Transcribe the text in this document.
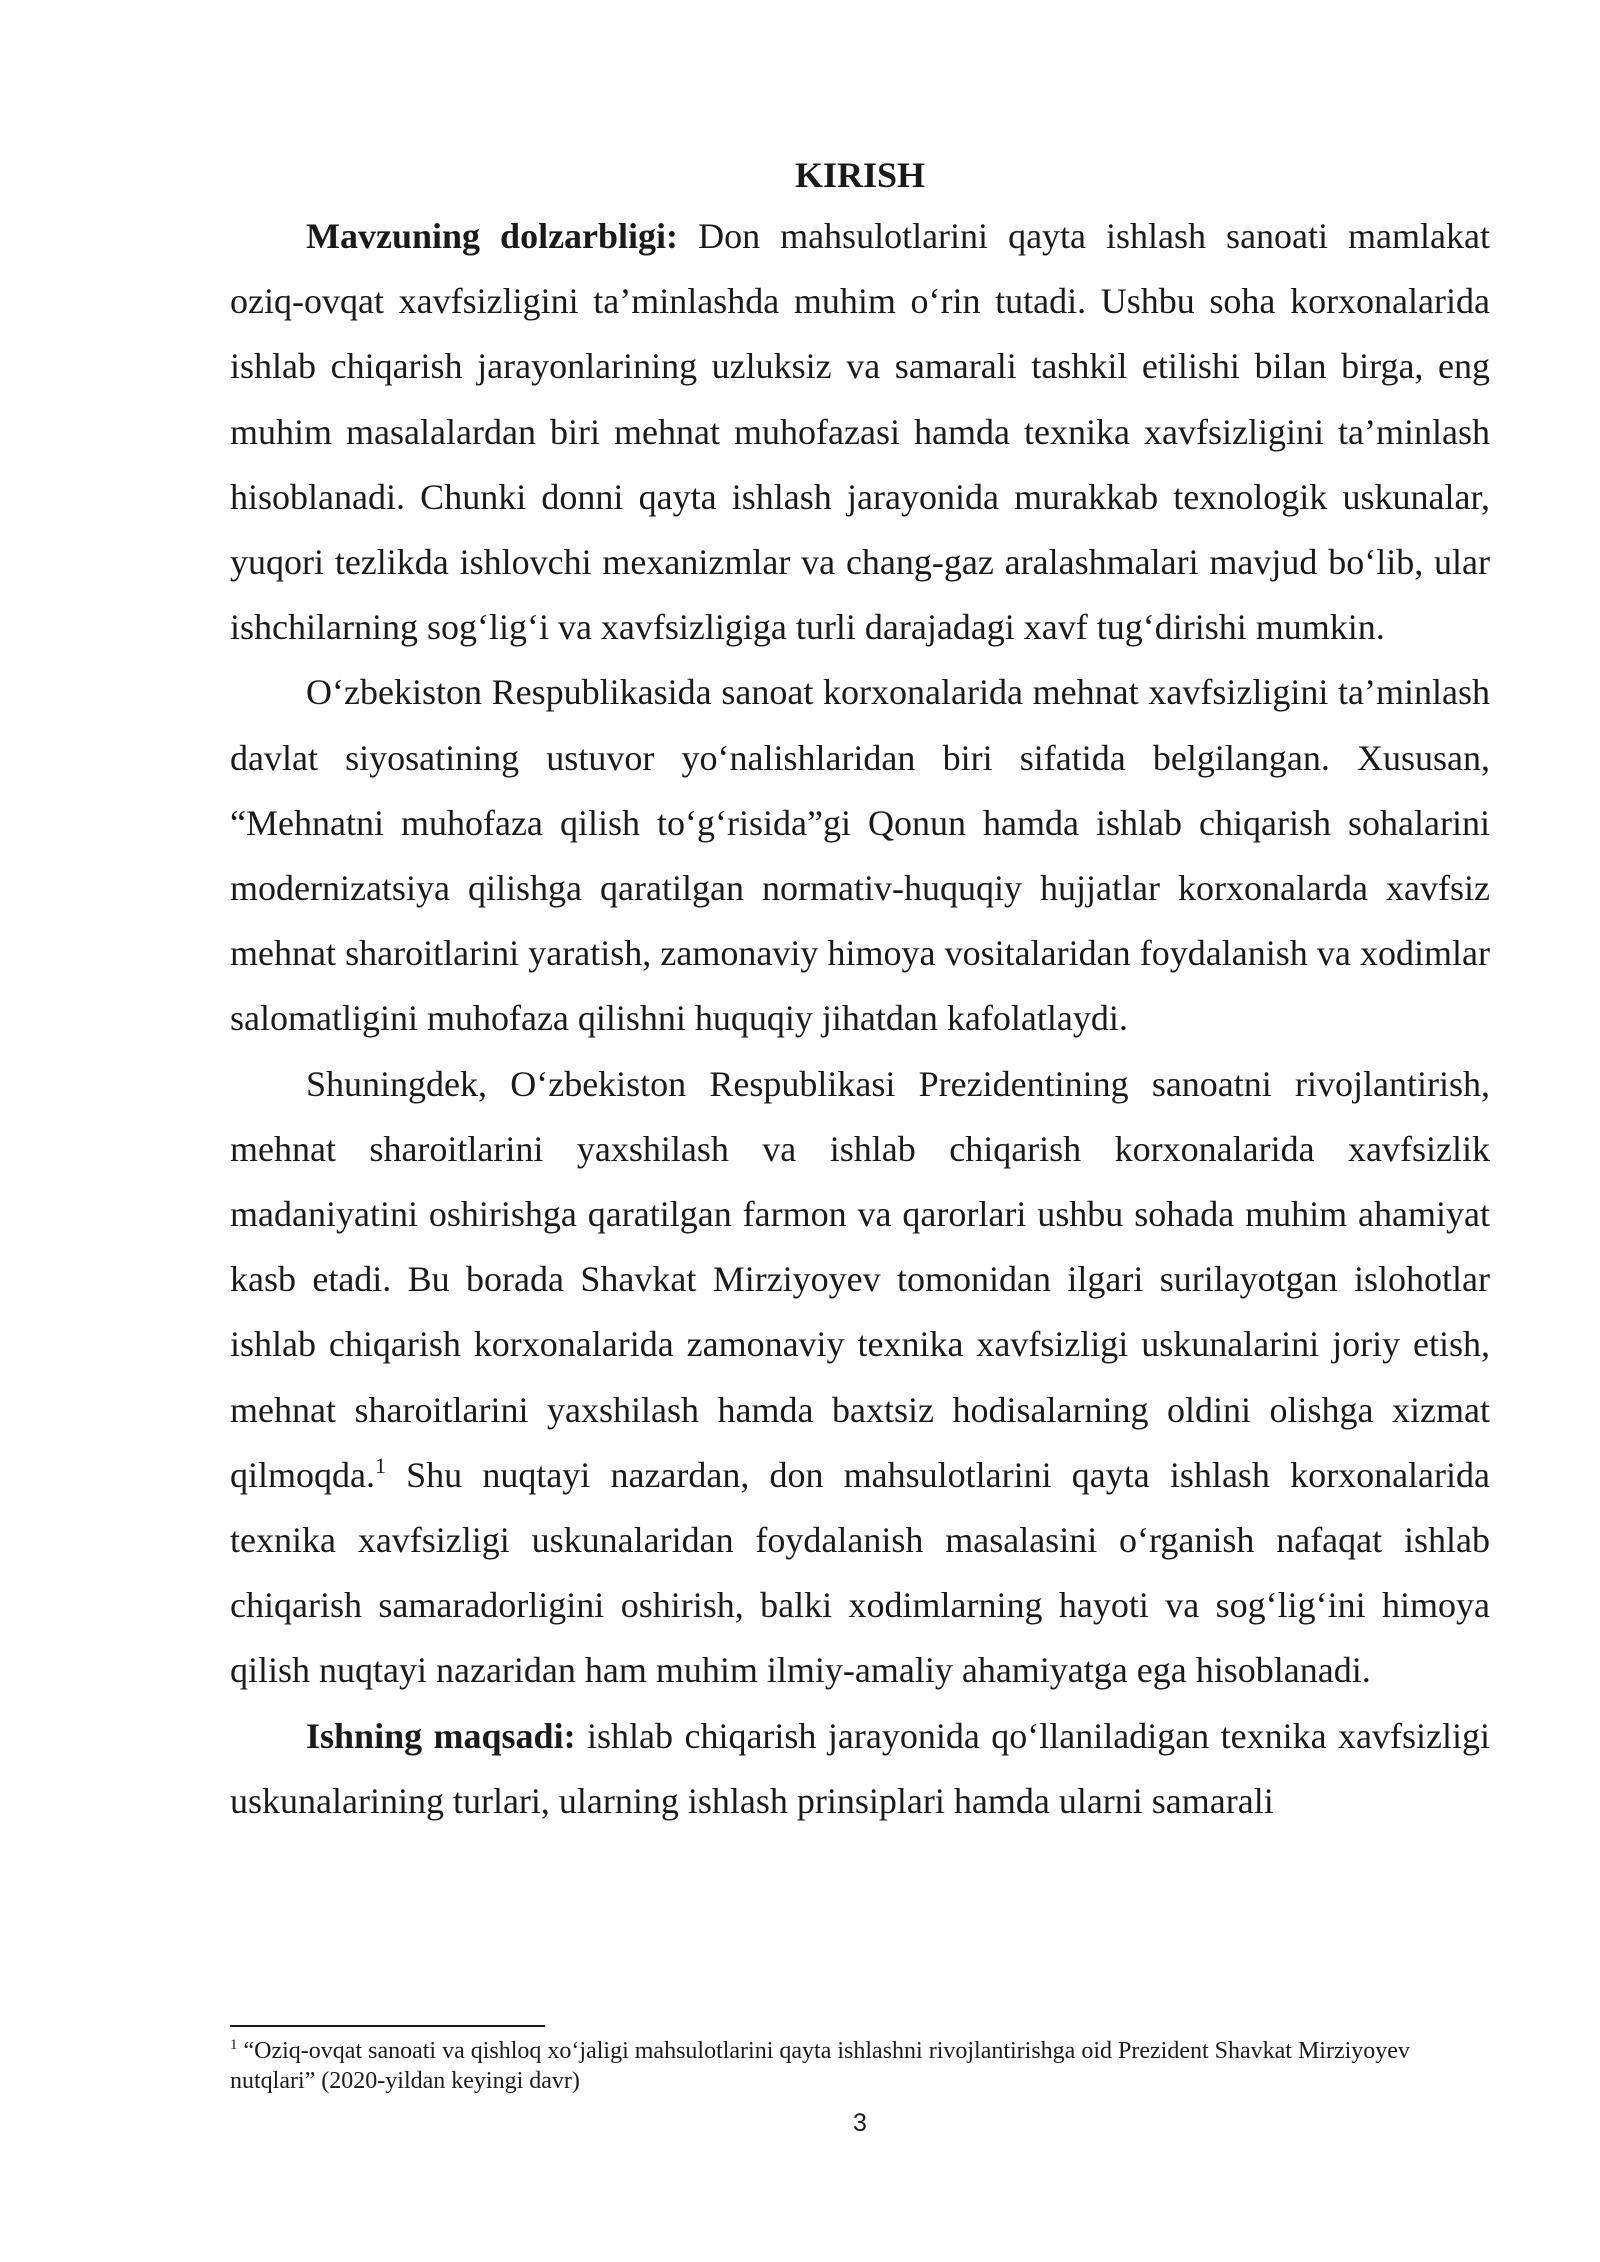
KIRISH

Mavzuning dolzarbligi: Don mahsulotlarini qayta ishlash sanoati mamlakat oziq-ovqat xavfsizligini ta’minlashda muhim o‘rin tutadi. Ushbu soha korxonalarida ishlab chiqarish jarayonlarining uzluksiz va samarali tashkil etilishi bilan birga, eng muhim masalalardan biri mehnat muhofazasi hamda texnika xavfsizligini ta’minlash hisoblanadi. Chunki donni qayta ishlash jarayonida murakkab texnologik uskunalar, yuqori tezlikda ishlovchi mexanizmlar va chang-gaz aralashmalari mavjud bo‘lib, ular ishchilarning sog‘lig‘i va xavfsizligiga turli darajadagi xavf tug‘dirishi mumkin.

O‘zbekiston Respublikasida sanoat korxonalarida mehnat xavfsizligini ta’minlash davlat siyosatining ustuvor yo‘nalishlaridan biri sifatida belgilangan. Xususan, “Mehnatni muhofaza qilish to‘g‘risida”gi Qonun hamda ishlab chiqarish sohalarini modernizatsiya qilishga qaratilgan normativ-huquqiy hujjatlar korxonalarda xavfsiz mehnat sharoitlarini yaratish, zamonaviy himoya vositalaridan foydalanish va xodimlar salomatligini muhofaza qilishni huquqiy jihatdan kafolatlaydi.

Shuningdek, O‘zbekiston Respublikasi Prezidentining sanoatni rivojlantirish, mehnat sharoitlarini yaxshilash va ishlab chiqarish korxonalarida xavfsizlik madaniyatini oshirishga qaratilgan farmon va qarorlari ushbu sohada muhim ahamiyat kasb etadi. Bu borada Shavkat Mirziyoyev tomonidan ilgari surilayotgan islohotlar ishlab chiqarish korxonalarida zamonaviy texnika xavfsizligi uskunalarini joriy etish, mehnat sharoitlarini yaxshilash hamda baxtsiz hodisalarning oldini olishga xizmat qilmoqda.$^1$ Shu nuqtayi nazardan, don mahsulotlarini qayta ishlash korxonalarida texnika xavfsizligi uskunalaridan foydalanish masalasini o‘rganish nafaqat ishlab chiqarish samaradorligini oshirish, balki xodimlarning hayoti va sog‘lig‘ini himoya qilish nuqtayi nazaridan ham muhim ilmiy-amaliy ahamiyatga ega hisoblanadi.

Ishning maqsadi: ishlab chiqarish jarayonida qo‘llaniladigan texnika xavfsizligi uskunalarining turlari, ularning ishlash prinsiplari hamda ularni samarali

$^1$ “Oziq-ovqat sanoati va qishloq xo‘jaligi mahsulotlarini qayta ishlashni rivojlantirishga oid Prezident Shavkat Mirziyoyev nutqlari” (2020-yildan keyingi davr)
3
